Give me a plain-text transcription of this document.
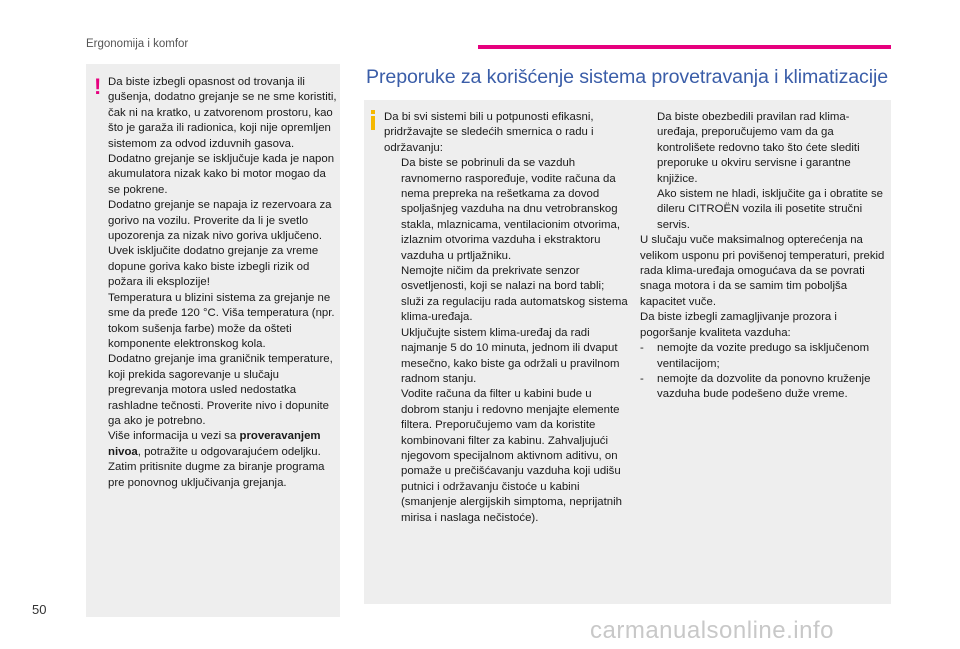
Ergonomija i komfor
! Da biste izbegli opasnost od trovanja ili gušenja, dodatno grejanje se ne sme koristiti, čak ni na kratko, u zatvorenom prostoru, kao što je garaža ili radionica, koji nije opremljen sistemom za odvod izduvnih gasova.

Dodatno grejanje se isključuje kada je napon akumulatora nizak kako bi motor mogao da se pokrene.

Dodatno grejanje se napaja iz rezervoara za gorivo na vozilu. Proverite da li je svetlo upozorenja za nizak nivo goriva uključeno. Uvek isključite dodatno grejanje za vreme dopune goriva kako biste izbegli rizik od požara ili eksplozije!

Temperatura u blizini sistema za grejanje ne sme da pređe 120 °C. Viša temperatura (npr. tokom sušenja farbe) može da ošteti komponente elektronskog kola.

Dodatno grejanje ima graničnik temperature, koji prekida sagorevanje u slučaju pregrevanja motora usled nedostatka rashladne tečnosti. Proverite nivo i dopunite ga ako je potrebno.

Više informacija u vezi sa proveravanjem nivoa, potražite u odgovarajućem odeljku.

Zatim pritisnite dugme za biranje programa pre ponovnog uključivanja grejanja.

Preporuke za korišćenje sistema provetravanja i klimatizacije

Da bi svi sistemi bili u potpunosti efikasni, pridržavajte se sledećih smernica o radu i održavanju:

Da biste se pobrinuli da se vazduh ravnomerno raspoređuje, vodite računa da nema prepreka na rešetkama za dovod spoljašnjeg vazduha na dnu vetrobranskog stakla, mlaznicama, ventilacionim otvorima, izlaznim otvorima vazduha i ekstraktoru vazduha u prtljažniku.

Nemojte ničim da prekrivate senzor osvetljenosti, koji se nalazi na bord tabli; služi za regulaciju rada automatskog sistema klima-uređaja.

Uključujte sistem klima-uređaj da radi najmanje 5 do 10 minuta, jednom ili dvaput mesečno, kako biste ga održali u pravilnom radnom stanju.

Vodite računa da filter u kabini bude u dobrom stanju i redovno menjajte elemente filtera. Preporučujemo vam da koristite kombinovani filter za kabinu. Zahvaljujući njegovom specijalnom aktivnom aditivu, on pomaže u prečišćavanju vazduha koji udišu putnici i održavanju čistoće u kabini (smanjenje alergijskih simptoma, neprijatnih mirisa i naslaga nečistoće).

Da biste obezbedili pravilan rad klima-uređaja, preporučujemo vam da ga kontrolišete redovno tako što ćete slediti preporuke u okviru servisne i garantne knjižice.

Ako sistem ne hladi, isključite ga i obratite se dileru CITROËN vozila ili posetite stručni servis.

U slučaju vuče maksimalnog opterećenja na velikom usponu pri povišenoj temperaturi, prekid rada klima-uređaja omogućava da se povrati snaga motora i da se samim tim poboljša kapacitet vuče.

Da biste izbegli zamagljivanje prozora i pogoršanje kvaliteta vazduha:

- nemojte da vozite predugo sa isključenom ventilacijom;

- nemojte da dozvolite da ponovno kruženje vazduha bude podešeno duže vreme.

50
carmanualsonline.info
